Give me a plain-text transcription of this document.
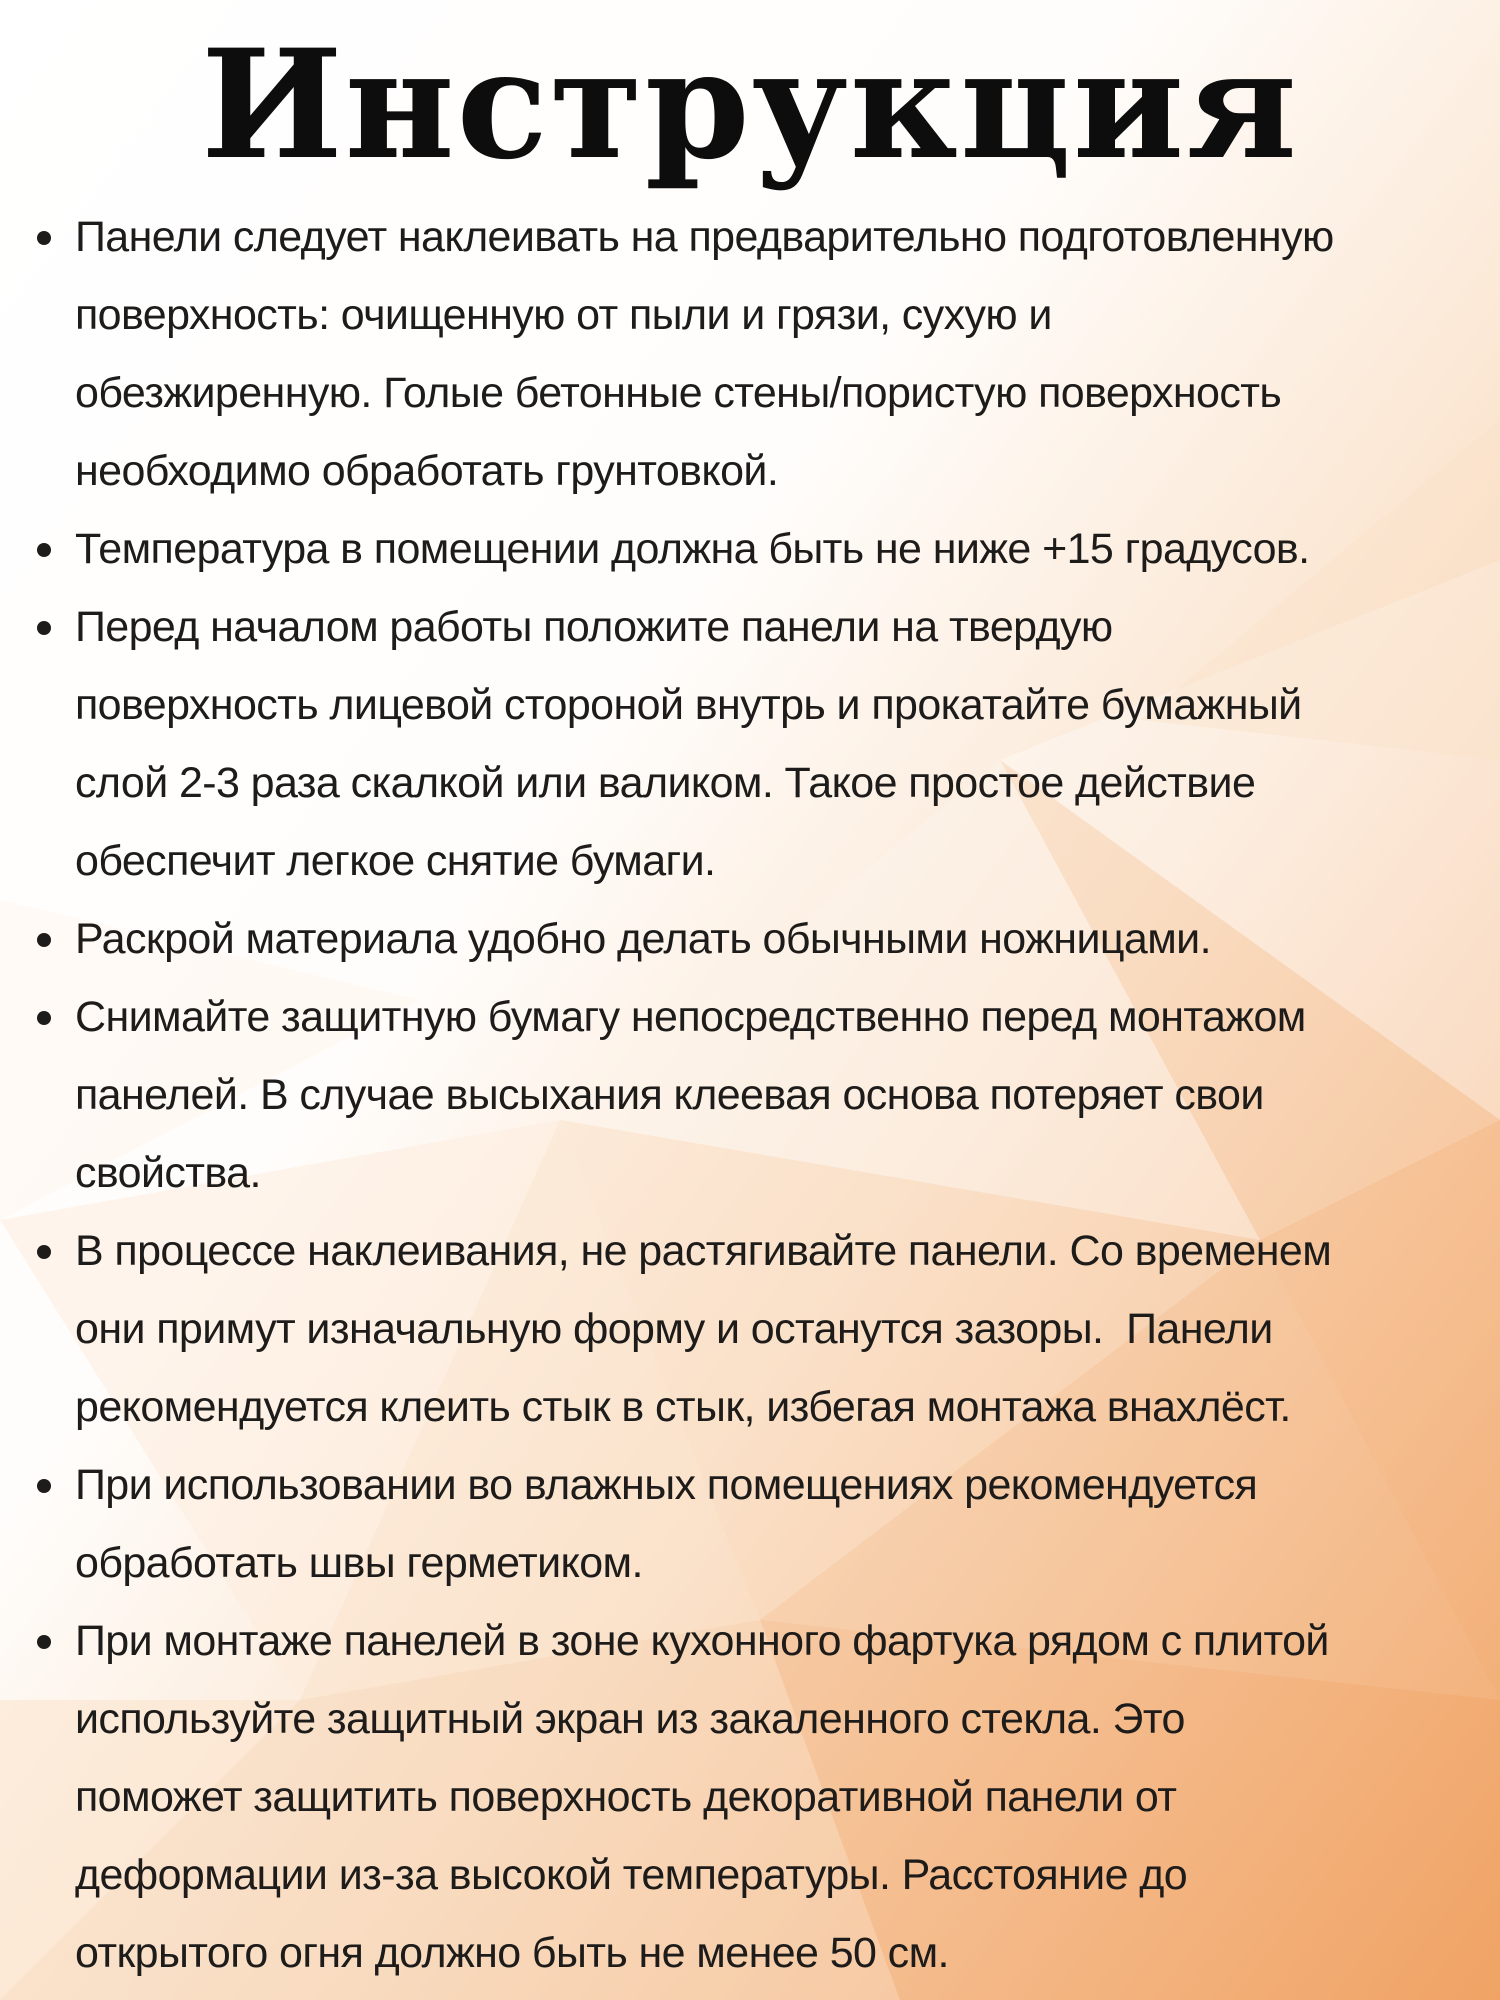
Инструкция
Панели следует наклеивать на предварительно подготовленную
поверхность: очищенную от пыли и грязи, сухую и
обезжиренную. Голые бетонные стены/пористую поверхность
необходимо обработать грунтовкой.
Температура в помещении должна быть не ниже +15 градусов.
Перед началом работы положите панели на твердую
поверхность лицевой стороной внутрь и прокатайте бумажный
слой 2-3 раза скалкой или валиком. Такое простое действие
обеспечит легкое снятие бумаги.
Раскрой материала удобно делать обычными ножницами.
Снимайте защитную бумагу непосредственно перед монтажом
панелей. В случае высыхания клеевая основа потеряет свои
свойства.
В процессе наклеивания, не растягивайте панели. Со временем
они примут изначальную форму и останутся зазоры.  Панели
рекомендуется клеить стык в стык, избегая монтажа внахлёст.
При использовании во влажных помещениях рекомендуется
обработать швы герметиком.
При монтаже панелей в зоне кухонного фартука рядом с плитой
используйте защитный экран из закаленного стекла. Это
поможет защитить поверхность декоративной панели от
деформации из-за высокой температуры. Расстояние до
открытого огня должно быть не менее 50 см.
